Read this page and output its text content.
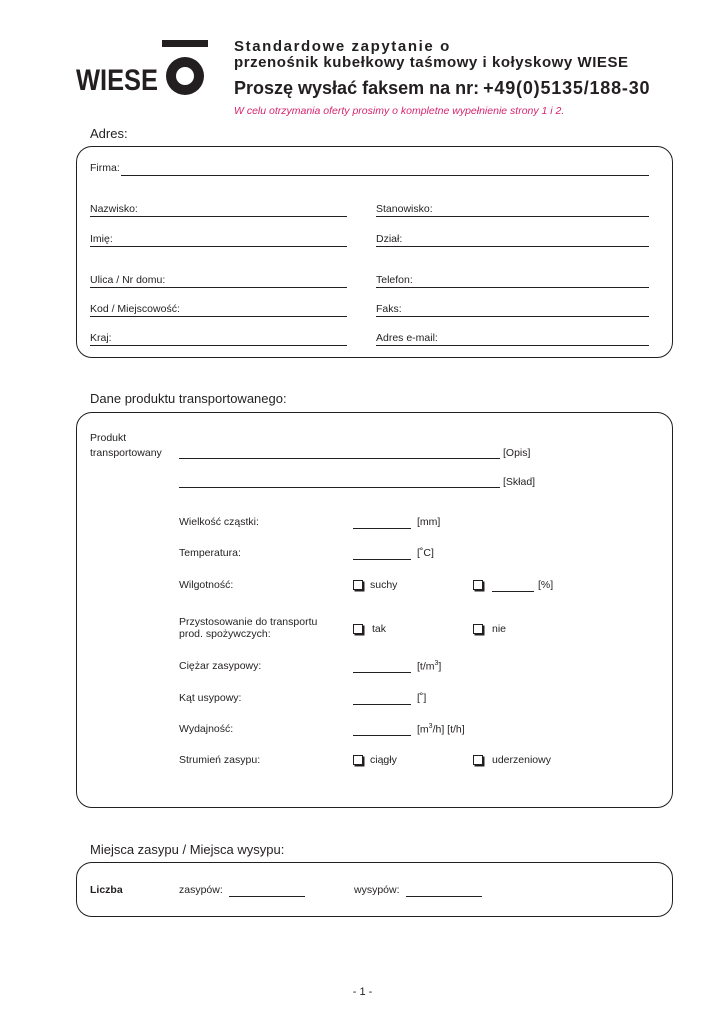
WIESE
Standardowe zapytanie o
przenośnik kubełkowy taśmowy i kołyskowy WIESE
Proszę wysłać faksem na nr: +49(0)5135/188-30
W celu otrzymania oferty prosimy o kompletne wypełnienie strony 1 i 2.
Adres:
Firma:
Nazwisko:	Stanowisko:
Imię:	Dział:
Ulica / Nr domu:	Telefon:
Kod / Miejscowość:	Faks:
Kraj:	Adres e-mail:
Dane produktu transportowanego:
Produkt
transportowany	[Opis]
[Skład]
Wielkość cząstki:	[mm]
Temperatura:	[˚C]
Wilgotność:	suchy	[%]
Przystosowanie do transportu
prod. spożywczych:	tak	nie
Ciężar zasypowy:	$[t/m^3]$
Kąt usypowy:	[˚]
Wydajność:	$[m^3/h]$ [t/h]
Strumień zasypu:	ciągły	uderzeniowy
Miejsca zasypu / Miejsca wysypu:
Liczba	zasypów:	wysypów:
- 1 -
